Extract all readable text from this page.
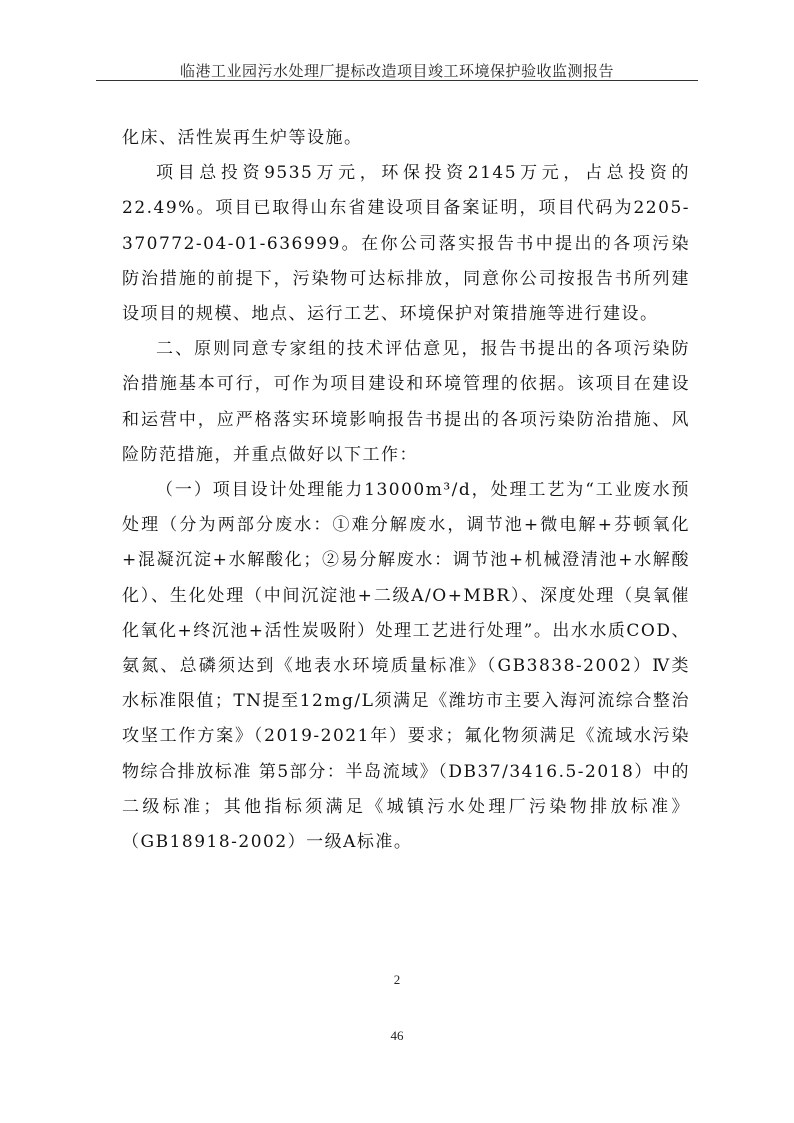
临港工业园污水处理厂提标改造项目竣工环境保护验收监测报告

化床、活性炭再生炉等设施。

项目总投资9535万元，环保投资2145万元，占总投资的22.49%。项目已取得山东省建设项目备案证明，项目代码为2205-370772-04-01-636999。在你公司落实报告书中提出的各项污染防治措施的前提下，污染物可达标排放，同意你公司按报告书所列建设项目的规模、地点、运行工艺、环境保护对策措施等进行建设。

二、原则同意专家组的技术评估意见，报告书提出的各项污染防治措施基本可行，可作为项目建设和环境管理的依据。该项目在建设和运营中，应严格落实环境影响报告书提出的各项污染防治措施、风险防范措施，并重点做好以下工作：

（一）项目设计处理能力13000m³/d，处理工艺为“工业废水预处理（分为两部分废水：①难分解废水，调节池+微电解+芬顿氧化+混凝沉淀+水解酸化；②易分解废水：调节池+机械澄清池+水解酸化）、生化处理（中间沉淀池+二级A/O+MBR）、深度处理（臭氧催化氧化+终沉池+活性炭吸附）处理工艺进行处理”。出水水质COD、氨氮、总磷须达到《地表水环境质量标准》（GB3838-2002）Ⅳ类水标准限值；TN提至12mg/L须满足《潍坊市主要入海河流综合整治攻坚工作方案》（2019-2021年）要求；氟化物须满足《流域水污染物综合排放标准 第5部分：半岛流域》（DB37/3416.5-2018）中的二级标准；其他指标须满足《城镇污水处理厂污染物排放标准》（GB18918-2002）一级A标准。

2
46
